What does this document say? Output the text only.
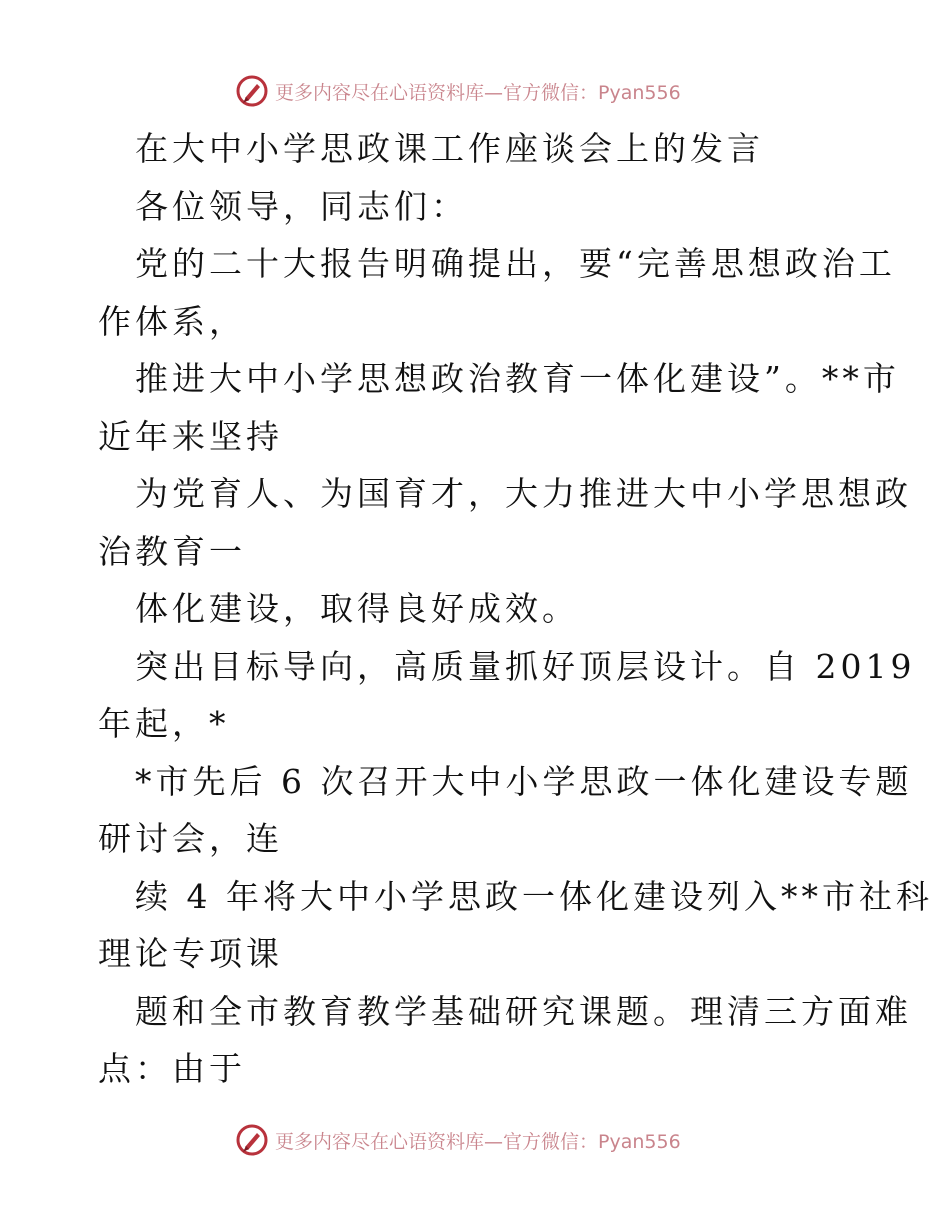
更多内容尽在心语资料库—官方微信：Pyan556
在大中小学思政课工作座谈会上的发言
各位领导，同志们：
党的二十大报告明确提出，要“完善思想政治工
作体系，
推进大中小学思想政治教育一体化建设”。**市
近年来坚持
为党育人、为国育才，大力推进大中小学思想政
治教育一
体化建设，取得良好成效。
突出目标导向，高质量抓好顶层设计。自 2019
年起，*
*市先后 6 次召开大中小学思政一体化建设专题
研讨会，连
续 4 年将大中小学思政一体化建设列入**市社科
理论专项课
题和全市教育教学基础研究课题。理清三方面难
点：由于
更多内容尽在心语资料库—官方微信：Pyan556
